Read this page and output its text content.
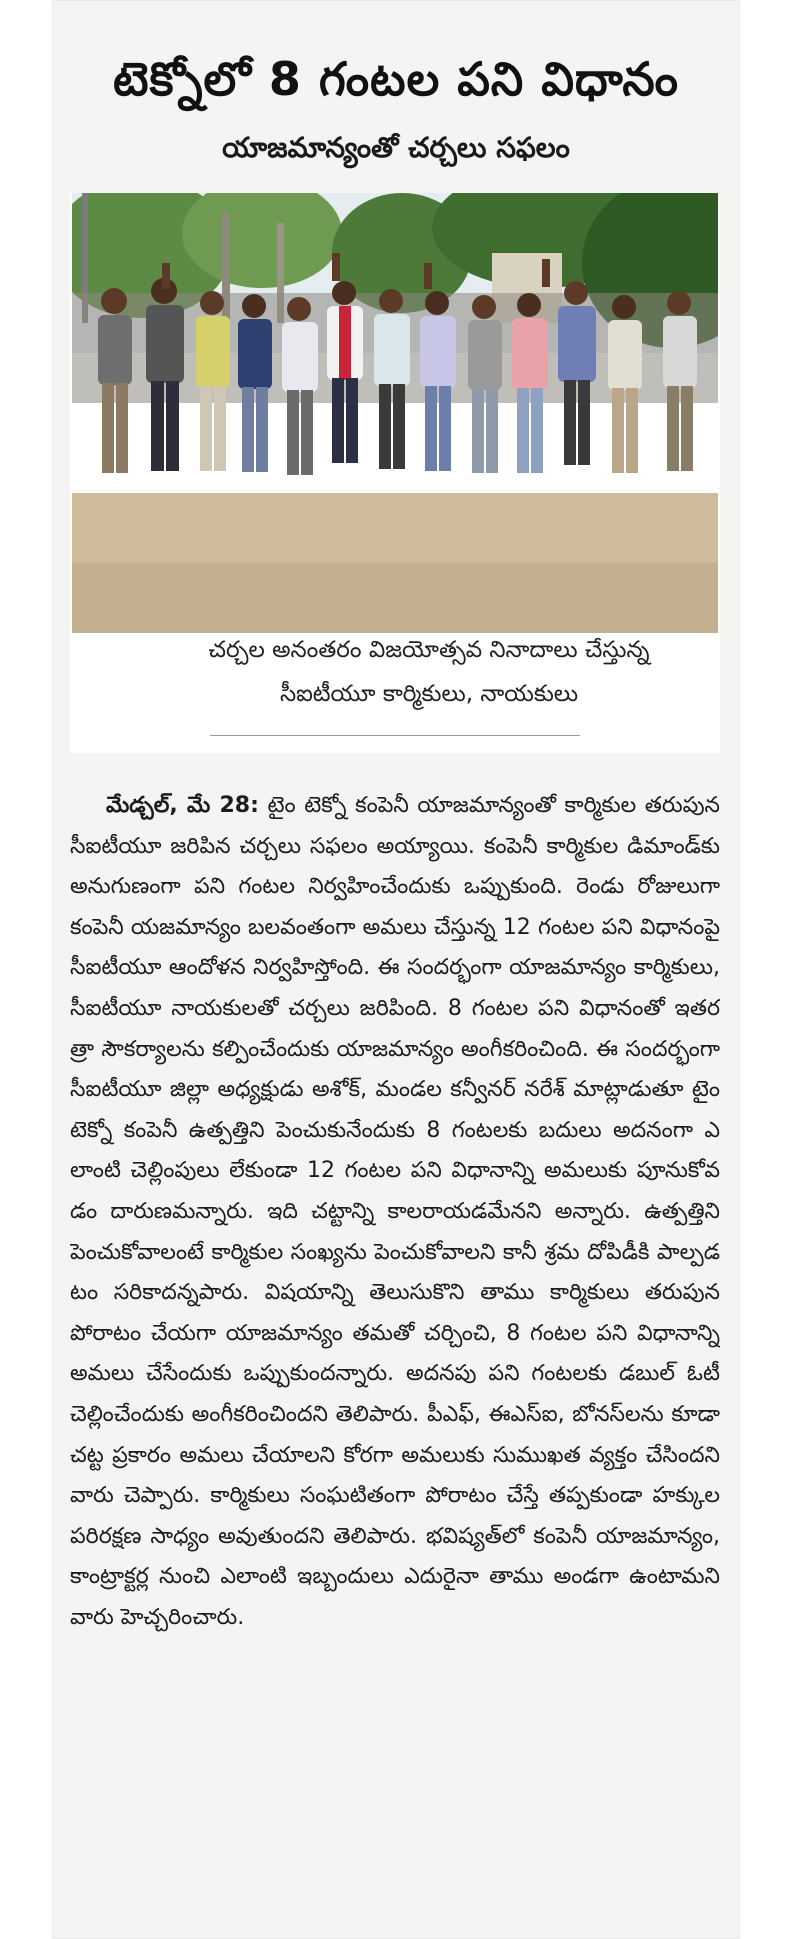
టెక్నోలో 8 గంటల పని విధానం
యాజమాన్యంతో చర్చలు సఫలం
చర్చల అనంతరం విజయోత్సవ నినాదాలు చేస్తున్న
సీఐటీయూ కార్మికులు, నాయకులు
మేడ్చల్, మే 28: టైం టెక్నో కంపెనీ యాజమాన్యంతో కార్మికుల తరుపున సీఐటీయూ జరిపిన చర్చలు సఫలం అయ్యాయి. కంపెనీ కార్మికుల డిమాండ్‌కు అనుగుణంగా పని గంటల నిర్వహించేందుకు ఒప్పుకుంది. రెండు రోజులుగా కంపెనీ యజమాన్యం బలవంతంగా అమలు చేస్తున్న 12 గంటల పని విధానంపై సీఐటీయూ ఆందోళన నిర్వహిస్తోంది. ఈ సందర్భంగా యాజమాన్యం కార్మికులు, సీఐటీయూ నాయకులతో చర్చలు జరిపింది. 8 గంటల పని విధానంతో ఇతరత్రా సౌకర్యాలను కల్పించేందుకు యాజమాన్యం అంగీకరించింది. ఈ సందర్భంగా సీఐటీయూ జిల్లా అధ్యక్షుడు అశోక్, మండల కన్వీనర్ నరేశ్ మాట్లాడుతూ టైం టెక్నో కంపెనీ ఉత్పత్తిని పెంచుకునేందుకు 8 గంటలకు బదులు అదనంగా ఎలాంటి చెల్లింపులు లేకుండా 12 గంటల పని విధానాన్ని అమలుకు పూనుకోవడం దారుణమన్నారు. ఇది చట్టాన్ని కాలరాయడమేనని అన్నారు. ఉత్పత్తిని పెంచుకోవాలంటే కార్మికుల సంఖ్యను పెంచుకోవాలని కానీ శ్రమ దోపిడీకి పాల్పడటం సరికాదన్నపారు. విషయాన్ని తెలుసుకొని తాము కార్మికులు తరుపున పోరాటం చేయగా యాజమాన్యం తమతో చర్చించి, 8 గంటల పని విధానాన్ని అమలు చేసేందుకు ఒప్పుకుందన్నారు. అదనపు పని గంటలకు డబుల్ ఓటీ చెల్లించేందుకు అంగీకరించిందని తెలిపారు. పీఎఫ్, ఈఎస్ఐ, బోనస్‌లను కూడా చట్ట ప్రకారం అమలు చేయాలని కోరగా అమలుకు సుముఖత వ్యక్తం చేసిందని వారు చెప్పారు. కార్మికులు సంఘటితంగా పోరాటం చేస్తే తప్పకుండా హక్కుల పరిరక్షణ సాధ్యం అవుతుందని తెలిపారు. భవిష్యత్‌లో కంపెనీ యాజమాన్యం, కాంట్రాక్టర్ల నుంచి ఎలాంటి ఇబ్బందులు ఎదురైనా తాము అండగా ఉంటామని వారు హెచ్చరించారు.
